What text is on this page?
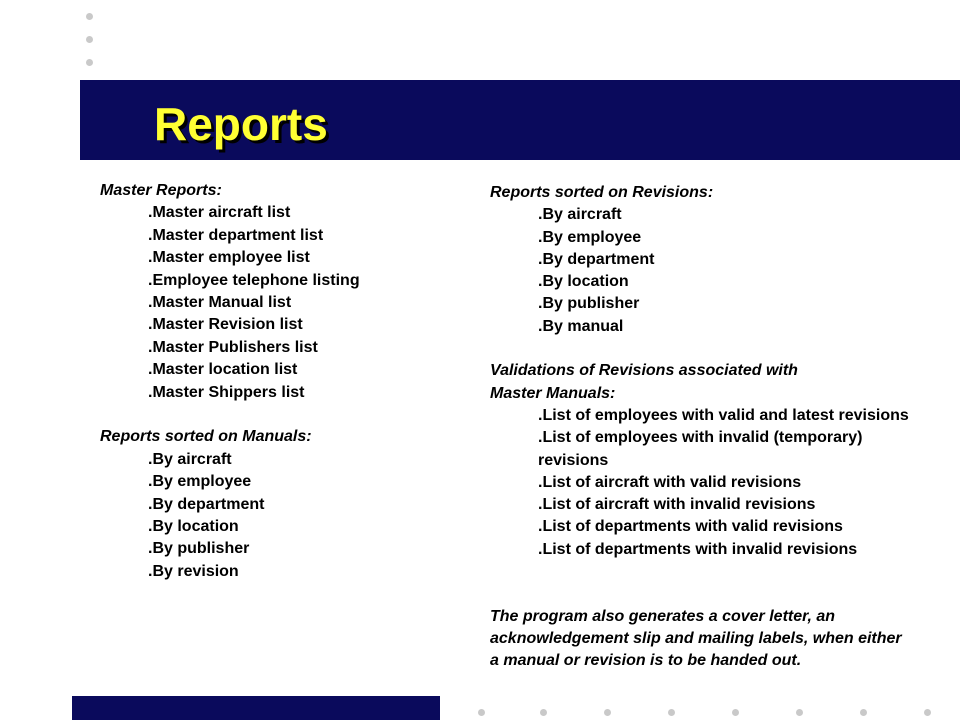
Reports
Master Reports:
.Master aircraft list
.Master department list
.Master employee list
.Employee telephone listing
.Master Manual list
.Master Revision list
.Master Publishers list
.Master location list
.Master Shippers list
Reports sorted on Manuals:
.By aircraft
.By employee
.By department
.By location
.By publisher
.By revision
Reports sorted on Revisions:
.By aircraft
.By employee
.By department
.By location
.By publisher
.By manual
Validations of Revisions associated with
Master Manuals:
.List of employees with valid and latest revisions
.List of employees with invalid (temporary) revisions
.List of aircraft with valid revisions
.List of aircraft with invalid revisions
.List of departments with valid revisions
.List of departments with invalid revisions
The program also generates a cover letter, an acknowledgement slip and mailing labels, when either a manual or revision is to be handed out.
